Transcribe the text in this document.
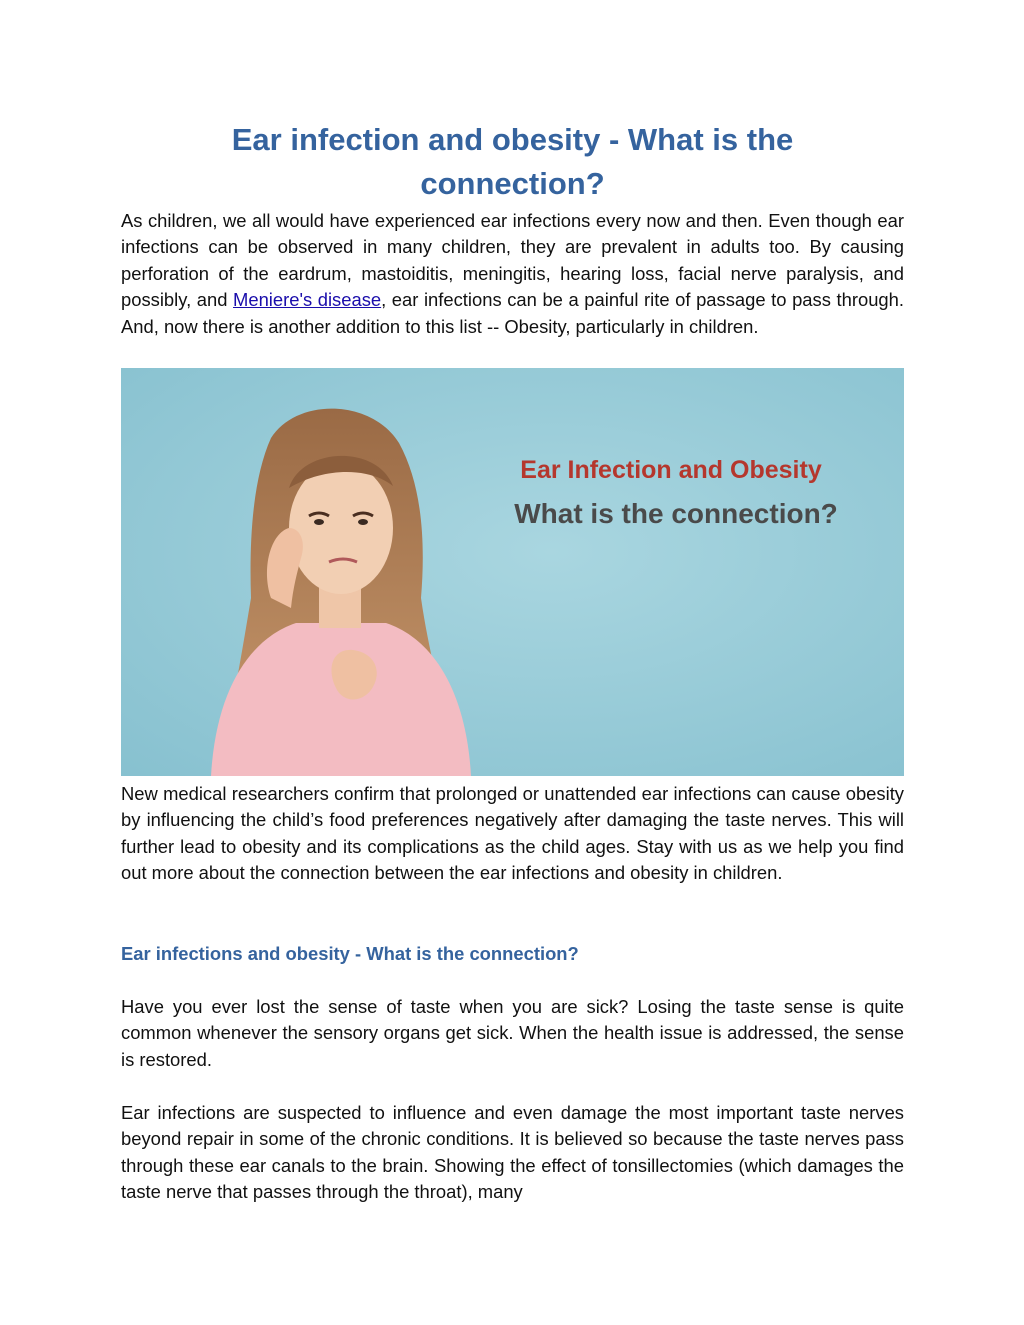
Ear infection and obesity - What is the
connection?

As children, we all would have experienced ear infections every now and then. Even though ear infections can be observed in many children, they are prevalent in adults too. By causing perforation of the eardrum, mastoiditis, meningitis, hearing loss, facial nerve paralysis, and possibly, and Meniere's disease, ear infections can be a painful rite of passage to pass through. And, now there is another addition to this list -- Obesity, particularly in children.

Ear Infection and Obesity
What is the connection?

New medical researchers confirm that prolonged or unattended ear infections can cause obesity by influencing the child’s food preferences negatively after damaging the taste nerves. This will further lead to obesity and its complications as the child ages. Stay with us as we help you find out more about the connection between the ear infections and obesity in children.

Ear infections and obesity - What is the connection?

Have you ever lost the sense of taste when you are sick? Losing the taste sense is quite common whenever the sensory organs get sick. When the health issue is addressed, the sense is restored.

Ear infections are suspected to influence and even damage the most important taste nerves beyond repair in some of the chronic conditions. It is believed so because the taste nerves pass through these ear canals to the brain. Showing the effect of tonsillectomies (which damages the taste nerve that passes through the throat), many
